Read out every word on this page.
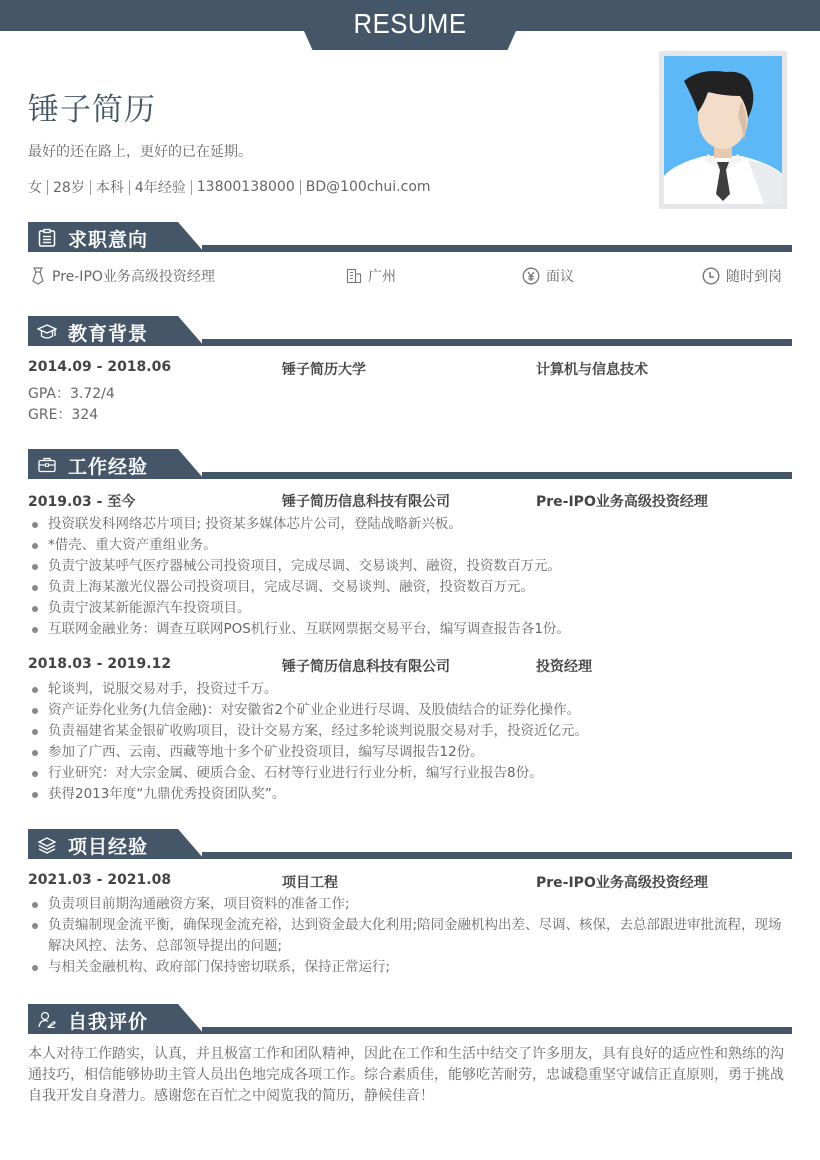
RESUME
锤子简历
最好的还在路上，更好的已在延期。
女 28岁 本科 4年经验 13800138000 BD@100chui.com
求职意向
Pre-IPO业务高级投资经理	广州	面议	随时到岗
教育背景
2014.09 - 2018.06	锤子简历大学	计算机与信息技术
GPA：3.72/4
GRE：324
工作经验
2019.03 - 至今	锤子简历信息科技有限公司	Pre-IPO业务高级投资经理
投资联发科网络芯片项目; 投资某多媒体芯片公司，登陆战略新兴板。
*借壳、重大资产重组业务。
负责宁波某呼气医疗器械公司投资项目，完成尽调、交易谈判、融资，投资数百万元。
负责上海某激光仪器公司投资项目，完成尽调、交易谈判、融资，投资数百万元。
负责宁波某新能源汽车投资项目。
互联网金融业务：调查互联网POS机行业、互联网票据交易平台，编写调查报告各1份。
2018.03 - 2019.12	锤子简历信息科技有限公司	投资经理
轮谈判，说服交易对手，投资过千万。
资产证券化业务(九信金融)：对安徽省2个矿业企业进行尽调、及股债结合的证券化操作。
负责福建省某金银矿收购项目，设计交易方案，经过多轮谈判说服交易对手，投资近亿元。
参加了广西、云南、西藏等地十多个矿业投资项目，编写尽调报告12份。
行业研究：对大宗金属、硬质合金、石材等行业进行行业分析，编写行业报告8份。
获得2013年度“九鼎优秀投资团队奖”。
项目经验
2021.03 - 2021.08	项目工程	Pre-IPO业务高级投资经理
负责项目前期沟通融资方案，项目资料的准备工作;
负责编制现金流平衡，确保现金流充裕，达到资金最大化利用;陪同金融机构出差、尽调、核保，去总部跟进审批流程，现场解决风控、法务、总部领导提出的问题;
与相关金融机构、政府部门保持密切联系，保持正常运行;
自我评价
本人对待工作踏实，认真，并且极富工作和团队精神，因此在工作和生活中结交了许多朋友，具有良好的适应性和熟练的沟通技巧，相信能够协助主管人员出色地完成各项工作。综合素质佳，能够吃苦耐劳，忠诚稳重坚守诚信正直原则，勇于挑战自我开发自身潜力。感谢您在百忙之中阅览我的简历，静候佳音！
